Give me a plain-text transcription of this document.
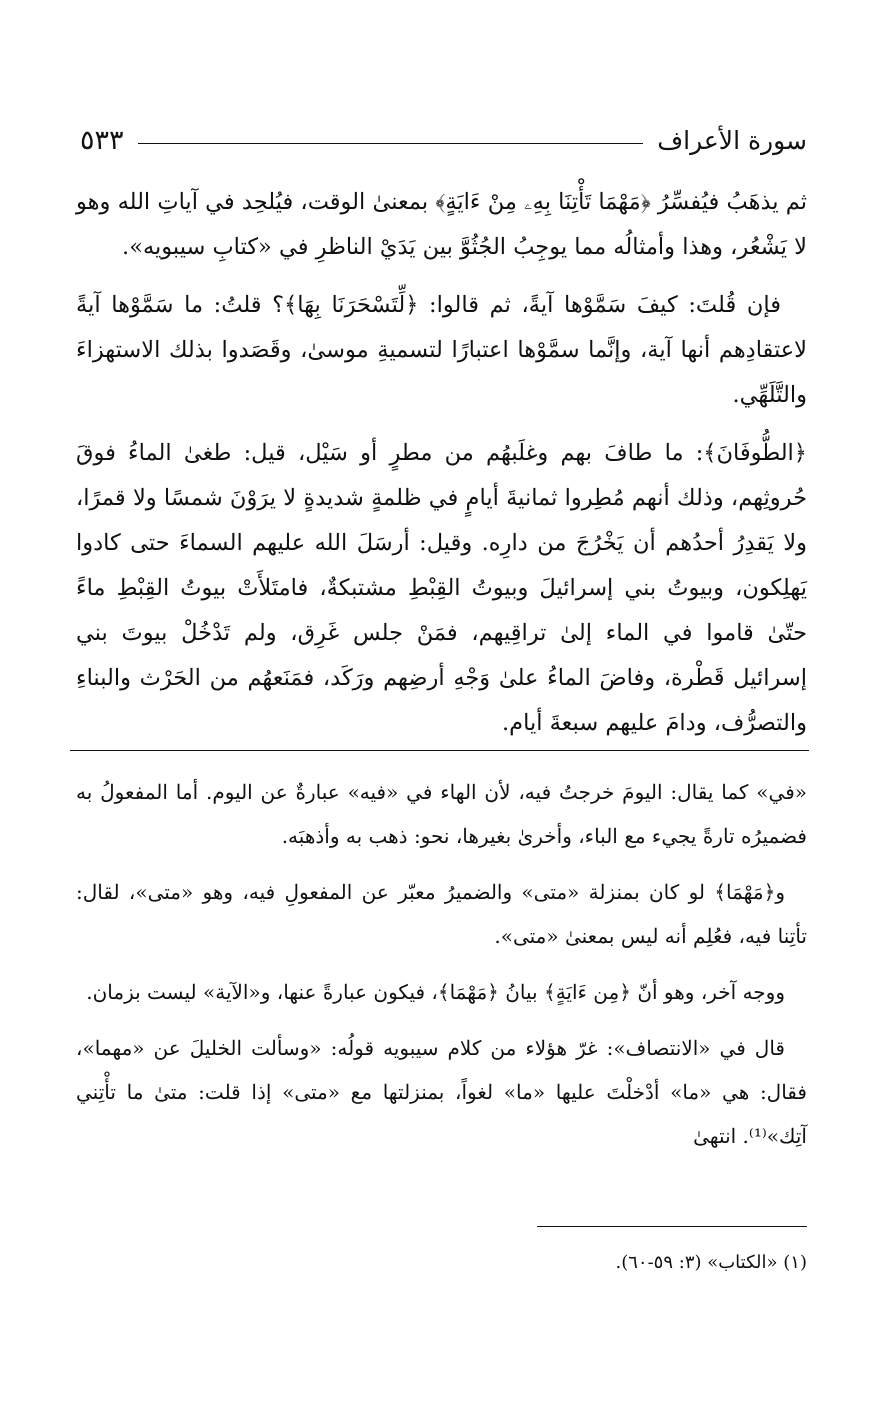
سورة الأعراف
٥٣٣

ثم يذهَبُ فيُفسِّرُ ﴿مَهْمَا تَأْتِنَا بِهِۦ مِنْ ءَايَةٍ﴾ بمعنىٰ الوقت، فيُلحِد في آياتِ الله وهو لا يَشْعُر، وهذا وأمثالُه مما يوجِبُ الجُثُوَّ بين يَدَيْ الناظرِ في «كتابِ سيبويه».

فإن قُلتَ: كيفَ سَمَّوْها آيةً، ثم قالوا: ﴿لِّتَسْحَرَنَا بِهَا﴾؟ قلتُ: ما سَمَّوْها آيةً لاعتقادِهم أنها آية، وإنَّما سمَّوْها اعتبارًا لتسميةِ موسىٰ، وقَصَدوا بذلك الاستهزاءَ والتَّلَهِّي.

﴿الطُّوفَانَ﴾: ما طافَ بهم وغلَبهُم من مطرٍ أو سَيْل، قيل: طغىٰ الماءُ فوقَ حُروثِهم، وذلك أنهم مُطِروا ثمانيةَ أيامٍ في ظلمةٍ شديدةٍ لا يرَوْنَ شمسًا ولا قمرًا، ولا يَقدِرُ أحدُهم أن يَخْرُجَ من دارِه. وقيل: أرسَلَ الله عليهم السماءَ حتى كادوا يَهلِكون، وبيوتُ بني إسرائيلَ وبيوتُ القِبْطِ مشتبكةٌ، فامتَلأَتْ بيوتُ القِبْطِ ماءً حتّىٰ قاموا في الماء إلىٰ تراقِيهم، فمَنْ جلس غَرِق، ولم تَدْخُلْ بيوتَ بني إسرائيل قَطْرة، وفاضَ الماءُ علىٰ وَجْهِ أرضِهم ورَكَد، فمَنَعهُم من الحَرْث والبناءِ والتصرُّف، ودامَ عليهم سبعةَ أيام.

«في» كما يقال: اليومَ خرجتُ فيه، لأن الهاء في «فيه» عبارةٌ عن اليوم. أما المفعولُ به فضميرُه تارةً يجيء مع الباء، وأخرىٰ بغيرها، نحو: ذهب به وأذهبَه.

و﴿مَهْمَا﴾ لو كان بمنزلة «متى» والضميرُ معبّر عن المفعولِ فيه، وهو «متى»، لقال: تأتِنا فيه، فعُلِم أنه ليس بمعنىٰ «متى».

ووجه آخر، وهو أنّ ﴿مِن ءَايَةٍ﴾ بيانُ ﴿مَهْمَا﴾، فيكون عبارةً عنها، و«الآية» ليست بزمان.

قال في «الانتصاف»: غرّ هؤلاء من كلام سيبويه قولُه: «وسألت الخليلَ عن «مهما»، فقال: هي «ما» أدْخلْتَ عليها «ما» لغواً، بمنزلتها مع «متى» إذا قلت: متىٰ ما تأْتِني آتِك»⁽¹⁾. انتهىٰ

(١) «الكتاب» (٣: ٥٩-٦٠).
